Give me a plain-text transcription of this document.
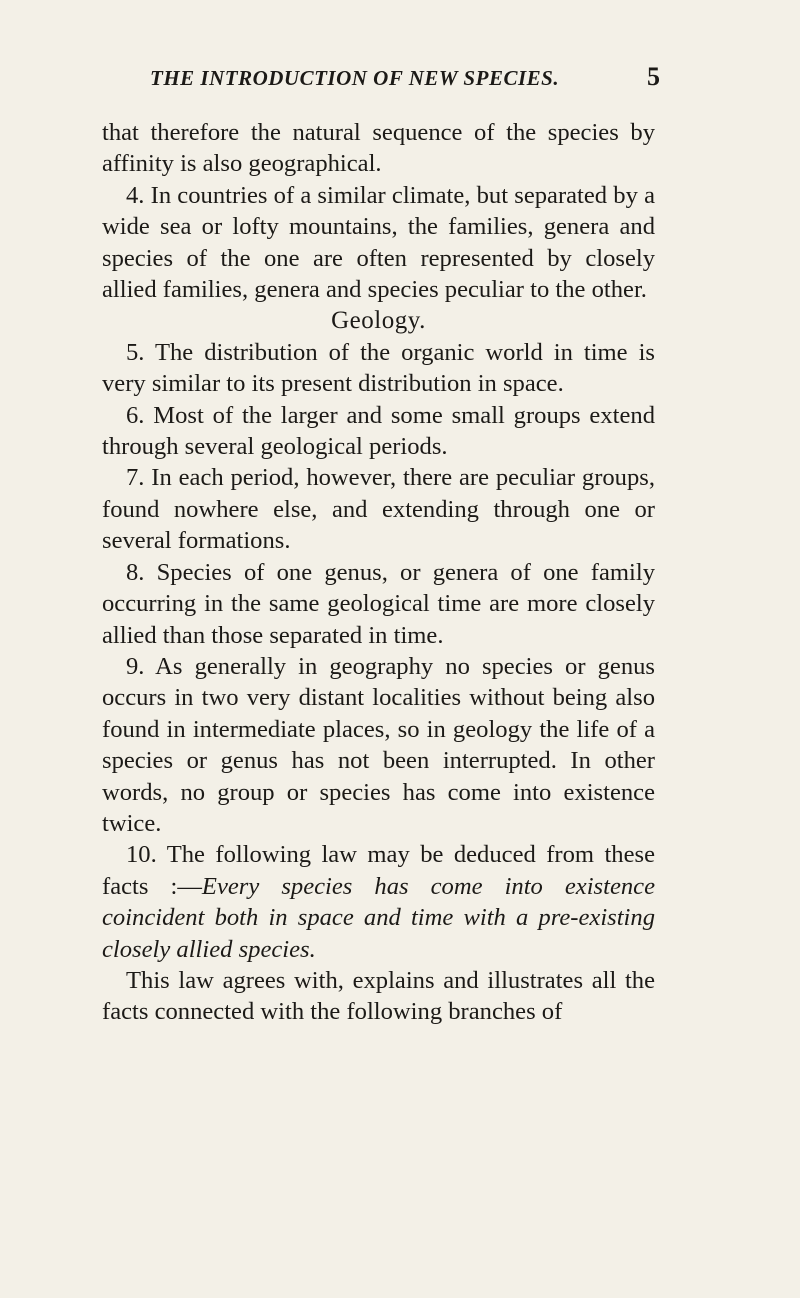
THE INTRODUCTION OF NEW SPECIES.	5

that therefore the natural sequence of the species by affinity is also geographical.

4. In countries of a similar climate, but separated by a wide sea or lofty mountains, the families, genera and species of the one are often represented by closely allied families, genera and species peculiar to the other.

Geology.

5. The distribution of the organic world in time is very similar to its present distribution in space.

6. Most of the larger and some small groups extend through several geological periods.

7. In each period, however, there are peculiar groups, found nowhere else, and extending through one or several formations.

8. Species of one genus, or genera of one family occurring in the same geological time are more closely allied than those separated in time.

9. As generally in geography no species or genus occurs in two very distant localities without being also found in intermediate places, so in geology the life of a species or genus has not been interrupted. In other words, no group or species has come into existence twice.

10. The following law may be deduced from these facts :—Every species has come into existence coincident both in space and time with a pre-existing closely allied species.

This law agrees with, explains and illustrates all the facts connected with the following branches of
